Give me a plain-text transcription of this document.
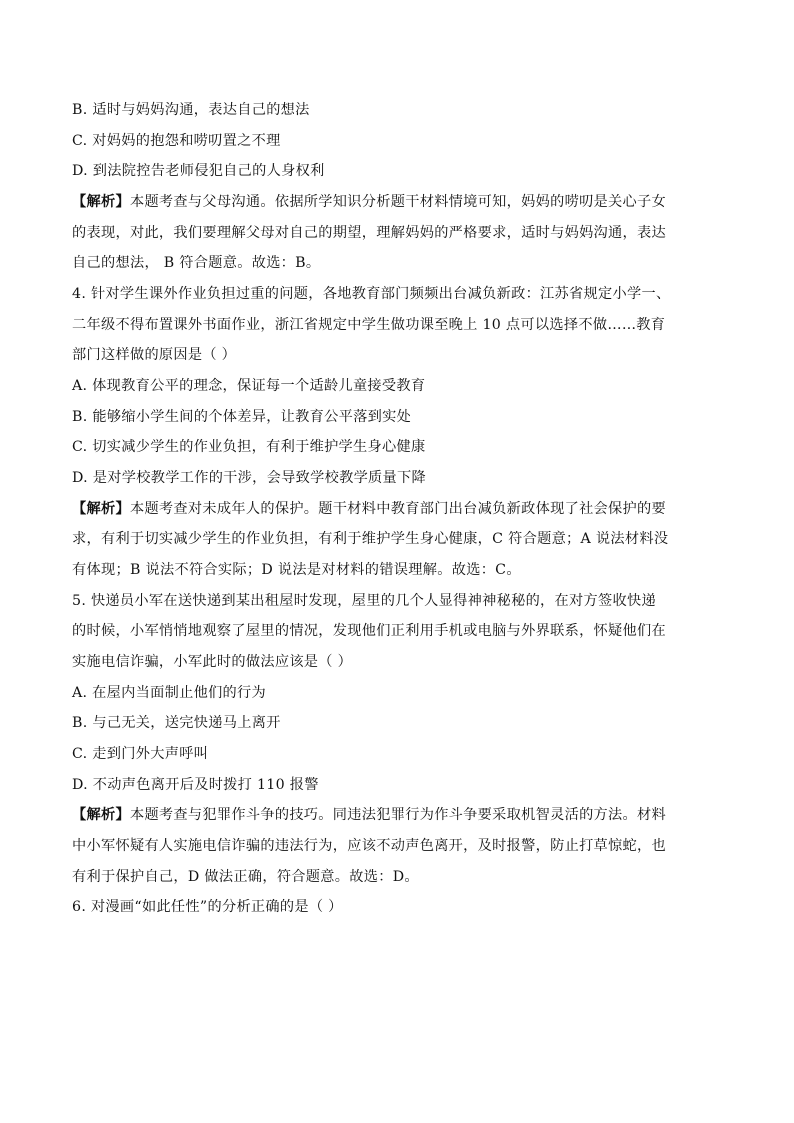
B. 适时与妈妈沟通，表达自己的想法
C. 对妈妈的抱怨和唠叨置之不理
D. 到法院控告老师侵犯自己的人身权利
【解析】本题考查与父母沟通。依据所学知识分析题干材料情境可知，妈妈的唠叨是关心子女
的表现，对此，我们要理解父母对自己的期望，理解妈妈的严格要求，适时与妈妈沟通，表达
自己的想法， B 符合题意。故选：B。
4. 针对学生课外作业负担过重的问题，各地教育部门频频出台减负新政：江苏省规定小学一、
二年级不得布置课外书面作业，浙江省规定中学生做功课至晚上 10 点可以选择不做……教育
部门这样做的原因是（ ）
A. 体现教育公平的理念，保证每一个适龄儿童接受教育
B. 能够缩小学生间的个体差异，让教育公平落到实处
C. 切实减少学生的作业负担，有利于维护学生身心健康
D. 是对学校教学工作的干涉，会导致学校教学质量下降
【解析】本题考查对未成年人的保护。题干材料中教育部门出台减负新政体现了社会保护的要
求，有利于切实减少学生的作业负担，有利于维护学生身心健康，C 符合题意；A 说法材料没
有体现；B 说法不符合实际；D 说法是对材料的错误理解。故选：C。
5. 快递员小军在送快递到某出租屋时发现，屋里的几个人显得神神秘秘的，在对方签收快递
的时候，小军悄悄地观察了屋里的情况，发现他们正利用手机或电脑与外界联系，怀疑他们在
实施电信诈骗，小军此时的做法应该是（ ）
A. 在屋内当面制止他们的行为
B. 与己无关，送完快递马上离开
C. 走到门外大声呼叫
D. 不动声色离开后及时拨打 110 报警
【解析】本题考查与犯罪作斗争的技巧。同违法犯罪行为作斗争要采取机智灵活的方法。材料
中小军怀疑有人实施电信诈骗的违法行为，应该不动声色离开，及时报警，防止打草惊蛇，也
有利于保护自己，D 做法正确，符合题意。故选：D。
6. 对漫画“如此任性”的分析正确的是（ ）
